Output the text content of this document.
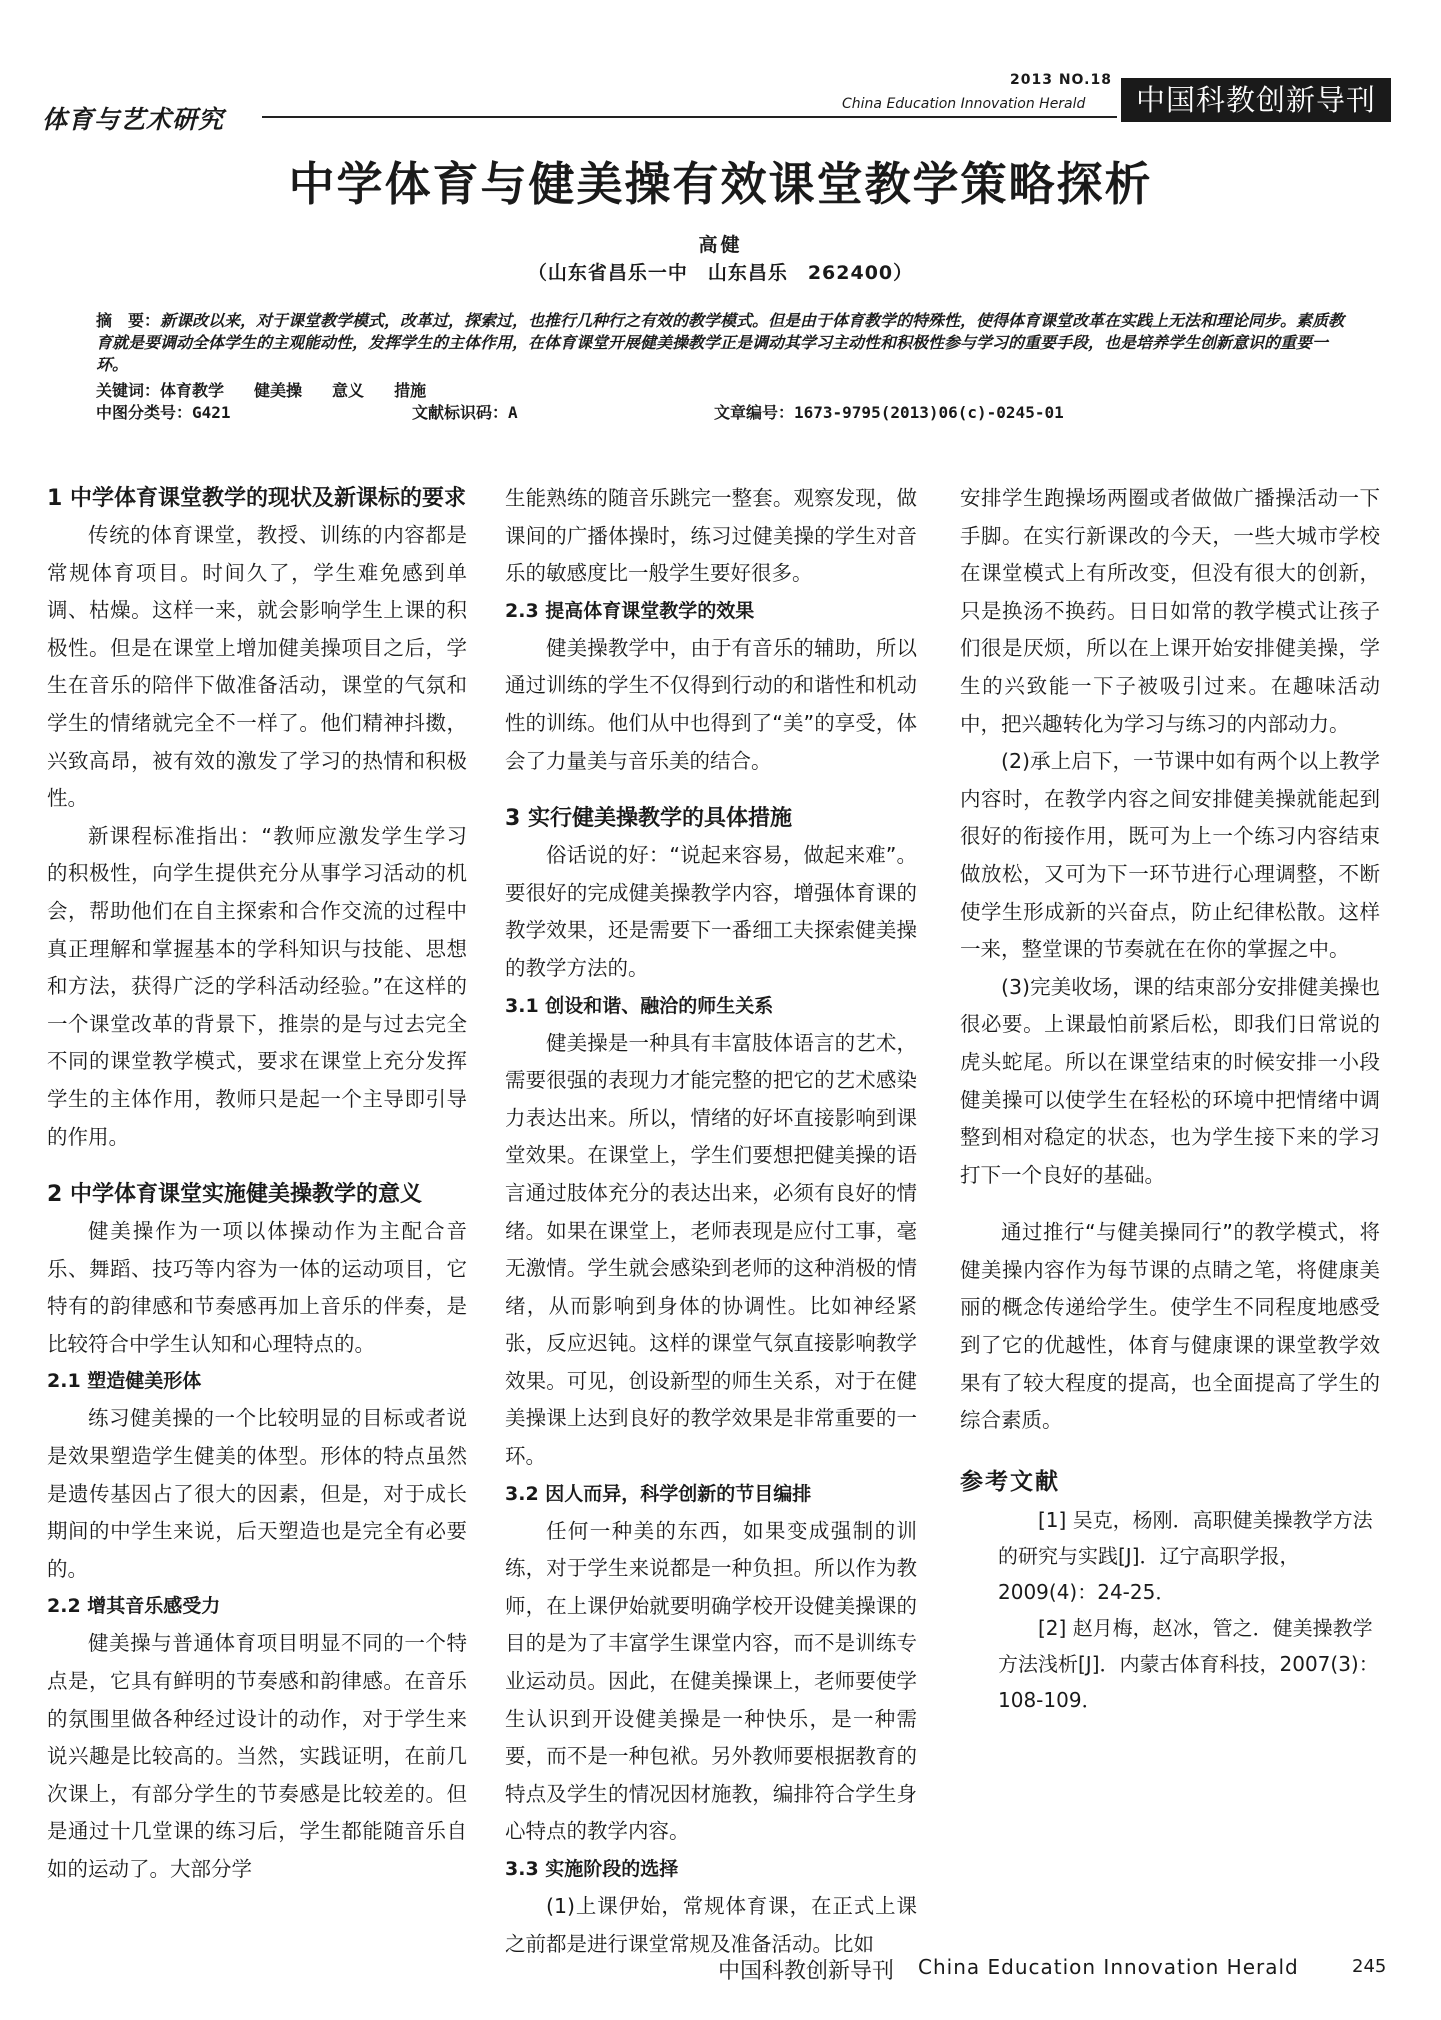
体育与艺术研究
2013 NO.18
China Education Innovation Herald	中国科教创新导刊
中学体育与健美操有效课堂教学策略探析
高健
（山东省昌乐一中　山东昌乐　262400）
摘　要：新课改以来，对于课堂教学模式，改革过，探索过，也推行几种行之有效的教学模式。但是由于体育教学的特殊性，使得体育课堂改革在实践上无法和理论同步。素质教育就是要调动全体学生的主观能动性，发挥学生的主体作用，在体育课堂开展健美操教学正是调动其学习主动性和积极性参与学习的重要手段，也是培养学生创新意识的重要一环。
关键词：体育教学 健美操 意义 措施
中图分类号：G421	文献标识码：A	文章编号：1673-9795(2013)06(c)-0245-01
1 中学体育课堂教学的现状及新课标的要求

传统的体育课堂，教授、训练的内容都是常规体育项目。时间久了，学生难免感到单调、枯燥。这样一来，就会影响学生上课的积极性。但是在课堂上增加健美操项目之后，学生在音乐的陪伴下做准备活动，课堂的气氛和学生的情绪就完全不一样了。他们精神抖擞，兴致高昂，被有效的激发了学习的热情和积极性。

新课程标准指出：“教师应激发学生学习的积极性，向学生提供充分从事学习活动的机会，帮助他们在自主探索和合作交流的过程中真正理解和掌握基本的学科知识与技能、思想和方法，获得广泛的学科活动经验。”在这样的一个课堂改革的背景下，推崇的是与过去完全不同的课堂教学模式，要求在课堂上充分发挥学生的主体作用，教师只是起一个主导即引导的作用。

2 中学体育课堂实施健美操教学的意义

健美操作为一项以体操动作为主配合音乐、舞蹈、技巧等内容为一体的运动项目，它特有的韵律感和节奏感再加上音乐的伴奏，是比较符合中学生认知和心理特点的。

2.1 塑造健美形体

练习健美操的一个比较明显的目标或者说是效果塑造学生健美的体型。形体的特点虽然是遗传基因占了很大的因素，但是，对于成长期间的中学生来说，后天塑造也是完全有必要的。

2.2 增其音乐感受力

健美操与普通体育项目明显不同的一个特点是，它具有鲜明的节奏感和韵律感。在音乐的氛围里做各种经过设计的动作，对于学生来说兴趣是比较高的。当然，实践证明，在前几次课上，有部分学生的节奏感是比较差的。但是通过十几堂课的练习后，学生都能随音乐自如的运动了。大部分学

生能熟练的随音乐跳完一整套。观察发现，做课间的广播体操时，练习过健美操的学生对音乐的敏感度比一般学生要好很多。

2.3 提高体育课堂教学的效果

健美操教学中，由于有音乐的辅助，所以通过训练的学生不仅得到行动的和谐性和机动性的训练。他们从中也得到了“美”的享受，体会了力量美与音乐美的结合。

3 实行健美操教学的具体措施

俗话说的好：“说起来容易，做起来难”。要很好的完成健美操教学内容，增强体育课的教学效果，还是需要下一番细工夫探索健美操的教学方法的。

3.1 创设和谐、融洽的师生关系

健美操是一种具有丰富肢体语言的艺术，需要很强的表现力才能完整的把它的艺术感染力表达出来。所以，情绪的好坏直接影响到课堂效果。在课堂上，学生们要想把健美操的语言通过肢体充分的表达出来，必须有良好的情绪。如果在课堂上，老师表现是应付工事，毫无激情。学生就会感染到老师的这种消极的情绪，从而影响到身体的协调性。比如神经紧张，反应迟钝。这样的课堂气氛直接影响教学效果。可见，创设新型的师生关系，对于在健美操课上达到良好的教学效果是非常重要的一环。

3.2 因人而异，科学创新的节目编排

任何一种美的东西，如果变成强制的训练，对于学生来说都是一种负担。所以作为教师，在上课伊始就要明确学校开设健美操课的目的是为了丰富学生课堂内容，而不是训练专业运动员。因此，在健美操课上，老师要使学生认识到开设健美操是一种快乐，是一种需要，而不是一种包袱。另外教师要根据教育的特点及学生的情况因材施教，编排符合学生身心特点的教学内容。

3.3 实施阶段的选择

(1)上课伊始，常规体育课，在正式上课之前都是进行课堂常规及准备活动。比如

安排学生跑操场两圈或者做做广播操活动一下手脚。在实行新课改的今天，一些大城市学校在课堂模式上有所改变，但没有很大的创新，只是换汤不换药。日日如常的教学模式让孩子们很是厌烦，所以在上课开始安排健美操，学生的兴致能一下子被吸引过来。在趣味活动中，把兴趣转化为学习与练习的内部动力。

(2)承上启下，一节课中如有两个以上教学内容时，在教学内容之间安排健美操就能起到很好的衔接作用，既可为上一个练习内容结束做放松，又可为下一环节进行心理调整，不断使学生形成新的兴奋点，防止纪律松散。这样一来，整堂课的节奏就在在你的掌握之中。

(3)完美收场，课的结束部分安排健美操也很必要。上课最怕前紧后松，即我们日常说的虎头蛇尾。所以在课堂结束的时候安排一小段健美操可以使学生在轻松的环境中把情绪中调整到相对稳定的状态，也为学生接下来的学习打下一个良好的基础。

通过推行“与健美操同行”的教学模式，将健美操内容作为每节课的点睛之笔，将健康美丽的概念传递给学生。使学生不同程度地感受到了它的优越性，体育与健康课的课堂教学效果有了较大程度的提高，也全面提高了学生的综合素质。

参考文献

[1] 吴克，杨刚．高职健美操教学方法的研究与实践[J]．辽宁高职学报，2009(4)：24-25．

[2] 赵月梅，赵冰，管之．健美操教学方法浅析[J]．内蒙古体育科技，2007(3)：108-109．

中国科教创新导刊 China Education Innovation Herald	245
